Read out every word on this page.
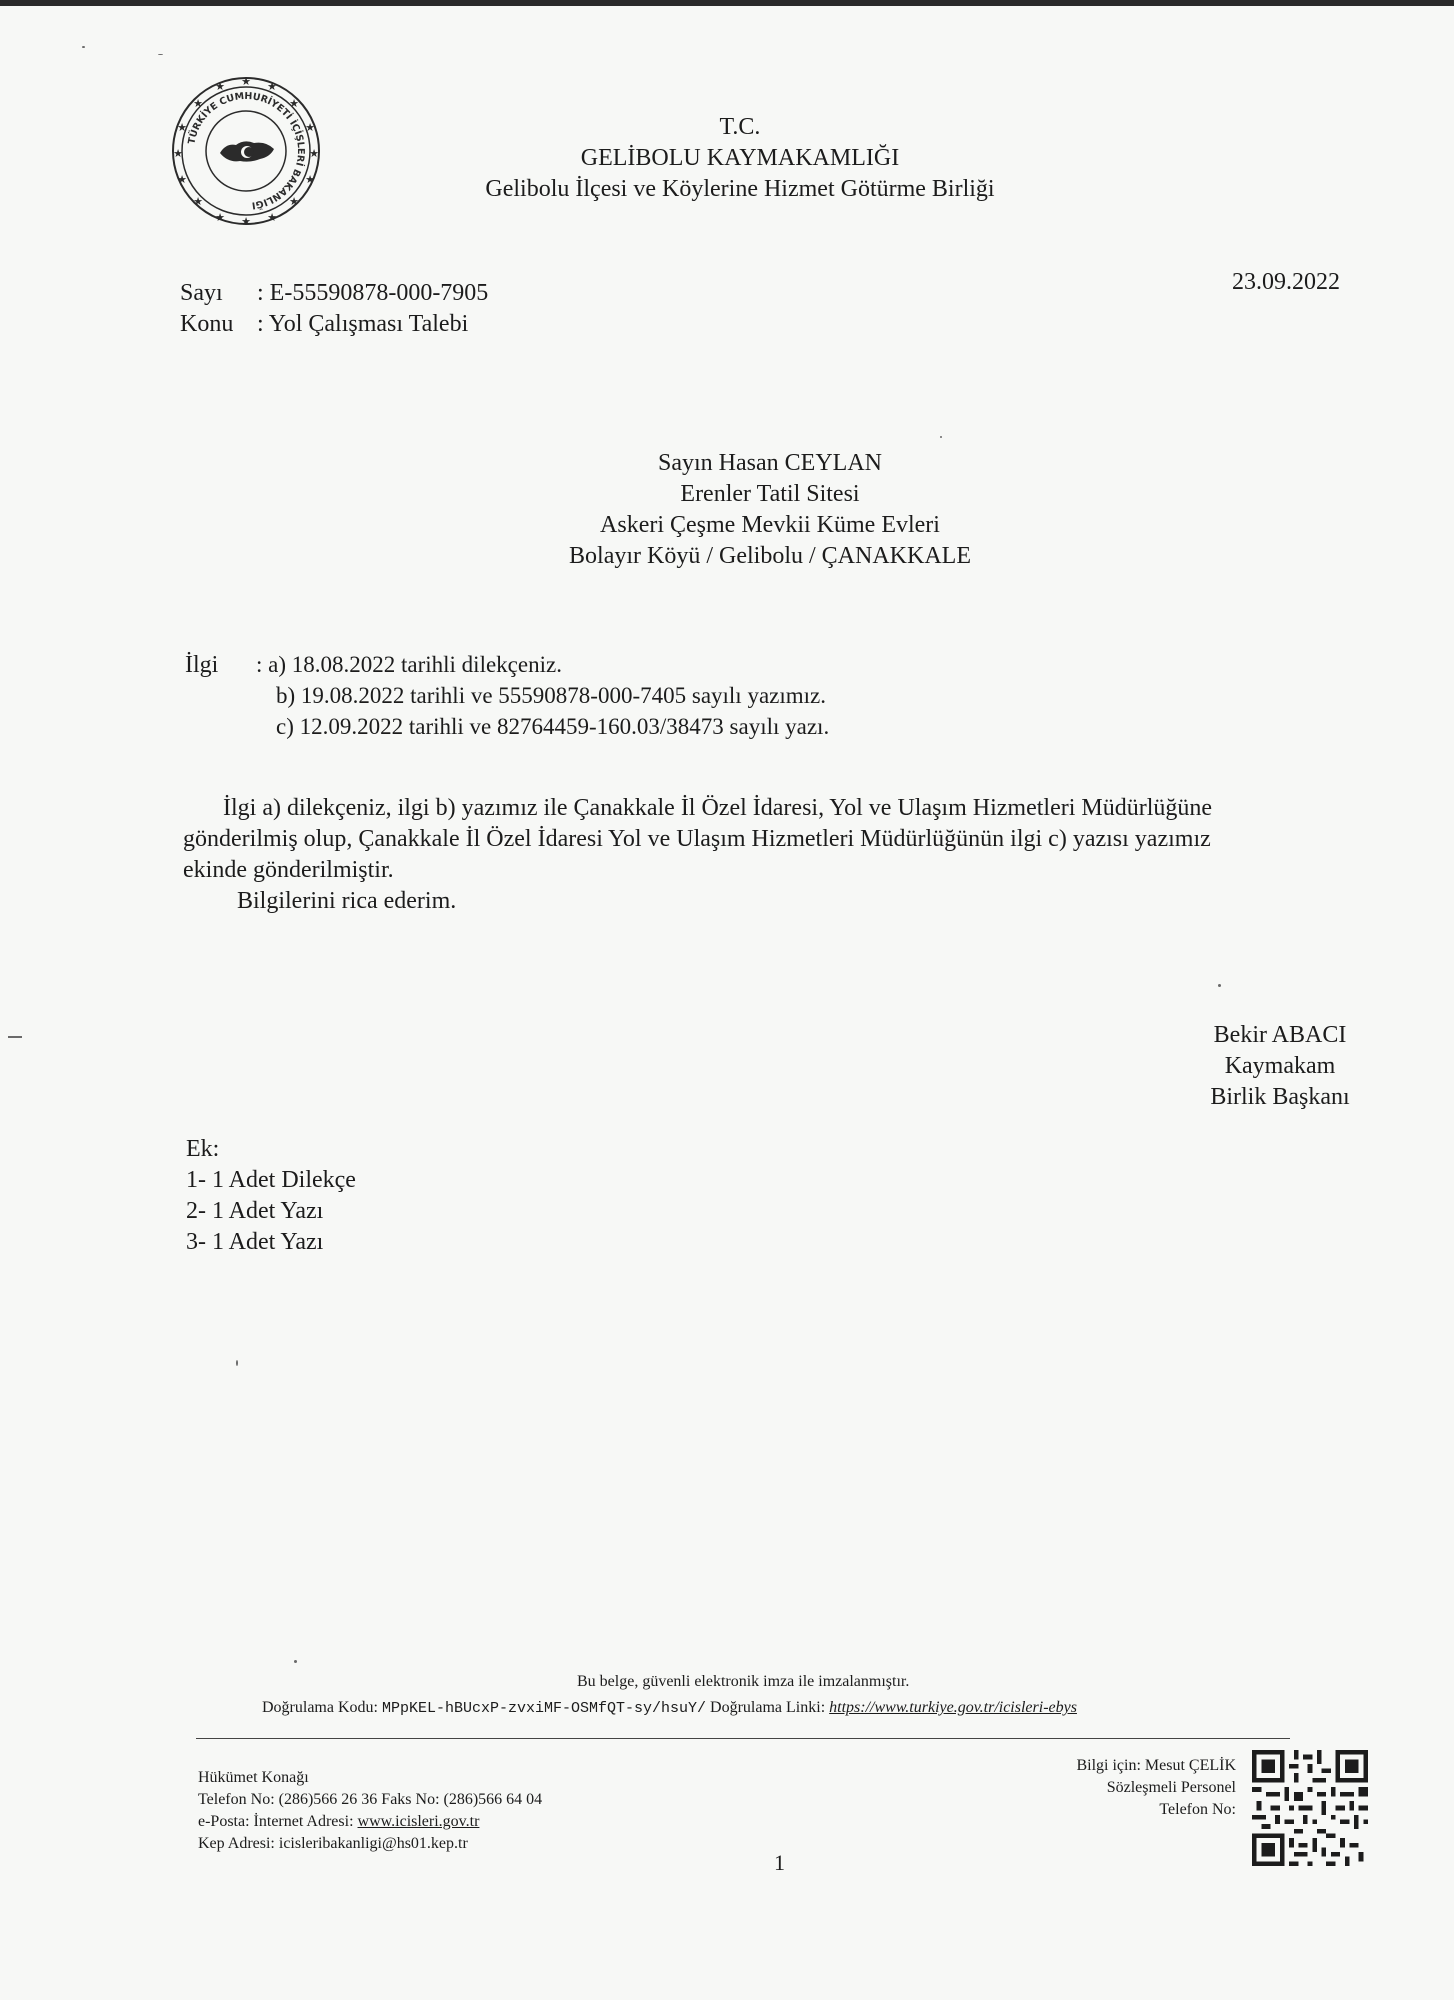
TÜRKİYE CUMHURİYETİ İÇİŞLERİ BAKANLIĞI
★ ★
★
★
★
★
★
★
★
★
★
★
★
★
★
★
T.C.
GELİBOLU KAYMAKAMLIĞI
Gelibolu İlçesi ve Köylerine Hizmet Götürme Birliği
Sayı : E-55590878-000-7905
Konu : Yol Çalışması Talebi
23.09.2022
Sayın Hasan CEYLAN
Erenler Tatil Sitesi
Askeri Çeşme Mevkii Küme Evleri
Bolayır Köyü / Gelibolu / ÇANAKKALE
İlgi : a) 18.08.2022 tarihli dilekçeniz.
b) 19.08.2022 tarihli ve 55590878-000-7405 sayılı yazımız.
c) 12.09.2022 tarihli ve 82764459-160.03/38473 sayılı yazı.

İlgi a) dilekçeniz, ilgi b) yazımız ile Çanakkale İl Özel İdaresi, Yol ve Ulaşım Hizmetleri Müdürlüğüne

gönderilmiş olup, Çanakkale İl Özel İdaresi Yol ve Ulaşım Hizmetleri Müdürlüğünün ilgi c) yazısı yazımız

ekinde gönderilmiştir.

Bilgilerini rica ederim.

Bekir ABACI
Kaymakam
Birlik Başkanı
Ek:
1- 1 Adet Dilekçe
2- 1 Adet Yazı
3- 1 Adet Yazı
Bu belge, güvenli elektronik imza ile imzalanmıştır.
Doğrulama Kodu: MPpKEL-hBUcxP-zvxiMF-OSMfQT-sy/hsuY/ Doğrulama Linki: https://www.turkiye.gov.tr/icisleri-ebys
Hükümet Konağı
Telefon No: (286)566 26 36 Faks No: (286)566 64 04
e-Posta: İnternet Adresi: www.icisleri.gov.tr
Kep Adresi: icisleribakanligi@hs01.kep.tr
Bilgi için: Mesut ÇELİK
Sözleşmeli Personel
Telefon No:
1
